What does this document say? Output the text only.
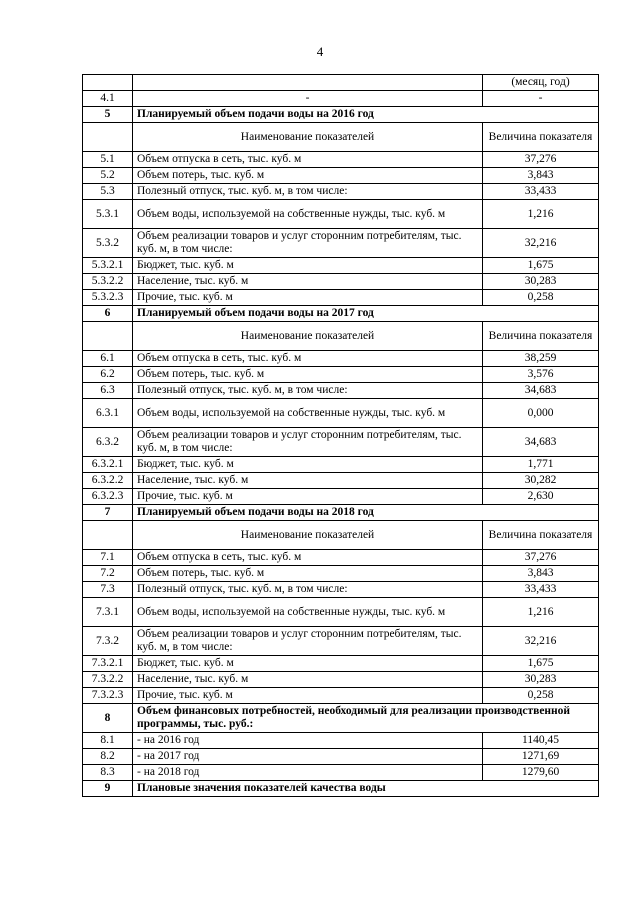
4
		(месяц, год)
4.1	-	-
5	Планируемый объем подачи воды на 2016 год	
	Наименование показателей	Величина показателя
5.1	Объем отпуска в сеть, тыс. куб. м	37,276
5.2	Объем потерь, тыс. куб. м	3,843
5.3	Полезный отпуск, тыс. куб. м, в том числе:	33,433
5.3.1	Объем воды, используемой на собственные нужды, тыс. куб. м	1,216
5.3.2	Объем реализации товаров и услуг сторонним потребителям, тыс. куб. м, в том числе:	32,216
5.3.2.1	Бюджет, тыс. куб. м	1,675
5.3.2.2	Население, тыс. куб. м	30,283
5.3.2.3	Прочие, тыс. куб. м	0,258
6	Планируемый объем подачи воды на 2017 год	
	Наименование показателей	Величина показателя
6.1	Объем отпуска в сеть, тыс. куб. м	38,259
6.2	Объем потерь, тыс. куб. м	3,576
6.3	Полезный отпуск, тыс. куб. м, в том числе:	34,683
6.3.1	Объем воды, используемой на собственные нужды, тыс. куб. м	0,000
6.3.2	Объем реализации товаров и услуг сторонним потребителям, тыс. куб. м, в том числе:	34,683
6.3.2.1	Бюджет, тыс. куб. м	1,771
6.3.2.2	Население, тыс. куб. м	30,282
6.3.2.3	Прочие, тыс. куб. м	2,630
7	Планируемый объем подачи воды на 2018 год	
	Наименование показателей	Величина показателя
7.1	Объем отпуска в сеть, тыс. куб. м	37,276
7.2	Объем потерь, тыс. куб. м	3,843
7.3	Полезный отпуск, тыс. куб. м, в том числе:	33,433
7.3.1	Объем воды, используемой на собственные нужды, тыс. куб. м	1,216
7.3.2	Объем реализации товаров и услуг сторонним потребителям, тыс. куб. м, в том числе:	32,216
7.3.2.1	Бюджет, тыс. куб. м	1,675
7.3.2.2	Население, тыс. куб. м	30,283
7.3.2.3	Прочие, тыс. куб. м	0,258
8	Объем финансовых потребностей, необходимый для реализации производственной программы, тыс. руб.:	
8.1	- на 2016 год	1140,45
8.2	- на 2017 год	1271,69
8.3	- на 2018 год	1279,60
9	Плановые значения показателей качества воды	
